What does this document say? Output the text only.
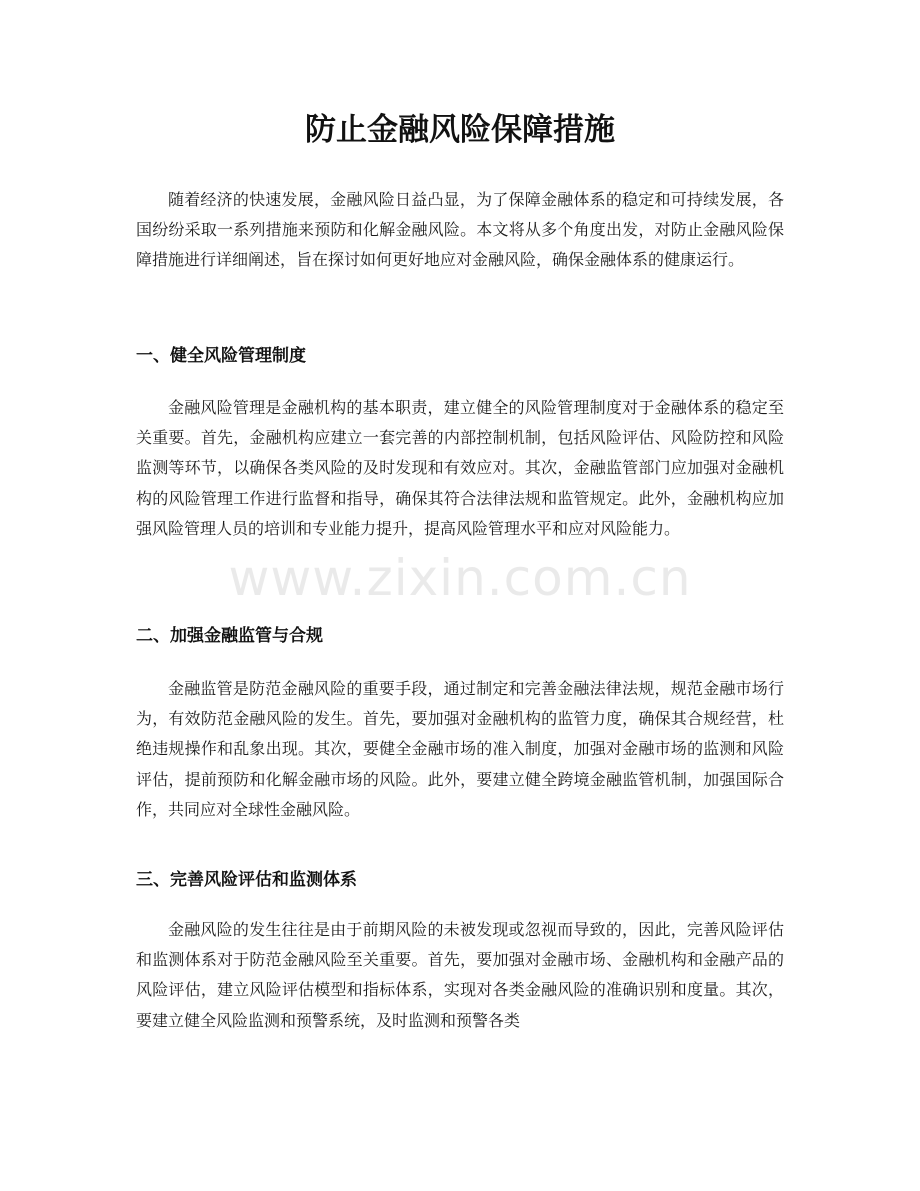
防止金融风险保障措施

随着经济的快速发展，金融风险日益凸显，为了保障金融体系的稳定和可持续发展，各国纷纷采取一系列措施来预防和化解金融风险。本文将从多个角度出发，对防止金融风险保障措施进行详细阐述，旨在探讨如何更好地应对金融风险，确保金融体系的健康运行。

一、健全风险管理制度

金融风险管理是金融机构的基本职责，建立健全的风险管理制度对于金融体系的稳定至关重要。首先，金融机构应建立一套完善的内部控制机制，包括风险评估、风险防控和风险监测等环节，以确保各类风险的及时发现和有效应对。其次，金融监管部门应加强对金融机构的风险管理工作进行监督和指导，确保其符合法律法规和监管规定。此外，金融机构应加强风险管理人员的培训和专业能力提升，提高风险管理水平和应对风险能力。

二、加强金融监管与合规

金融监管是防范金融风险的重要手段，通过制定和完善金融法律法规，规范金融市场行为，有效防范金融风险的发生。首先，要加强对金融机构的监管力度，确保其合规经营，杜绝违规操作和乱象出现。其次，要健全金融市场的准入制度，加强对金融市场的监测和风险评估，提前预防和化解金融市场的风险。此外，要建立健全跨境金融监管机制，加强国际合作，共同应对全球性金融风险。

三、完善风险评估和监测体系

金融风险的发生往往是由于前期风险的未被发现或忽视而导致的，因此，完善风险评估和监测体系对于防范金融风险至关重要。首先，要加强对金融市场、金融机构和金融产品的风险评估，建立风险评估模型和指标体系，实现对各类金融风险的准确识别和度量。其次，要建立健全风险监测和预警系统，及时监测和预警各类

www.zixin.com.cn
